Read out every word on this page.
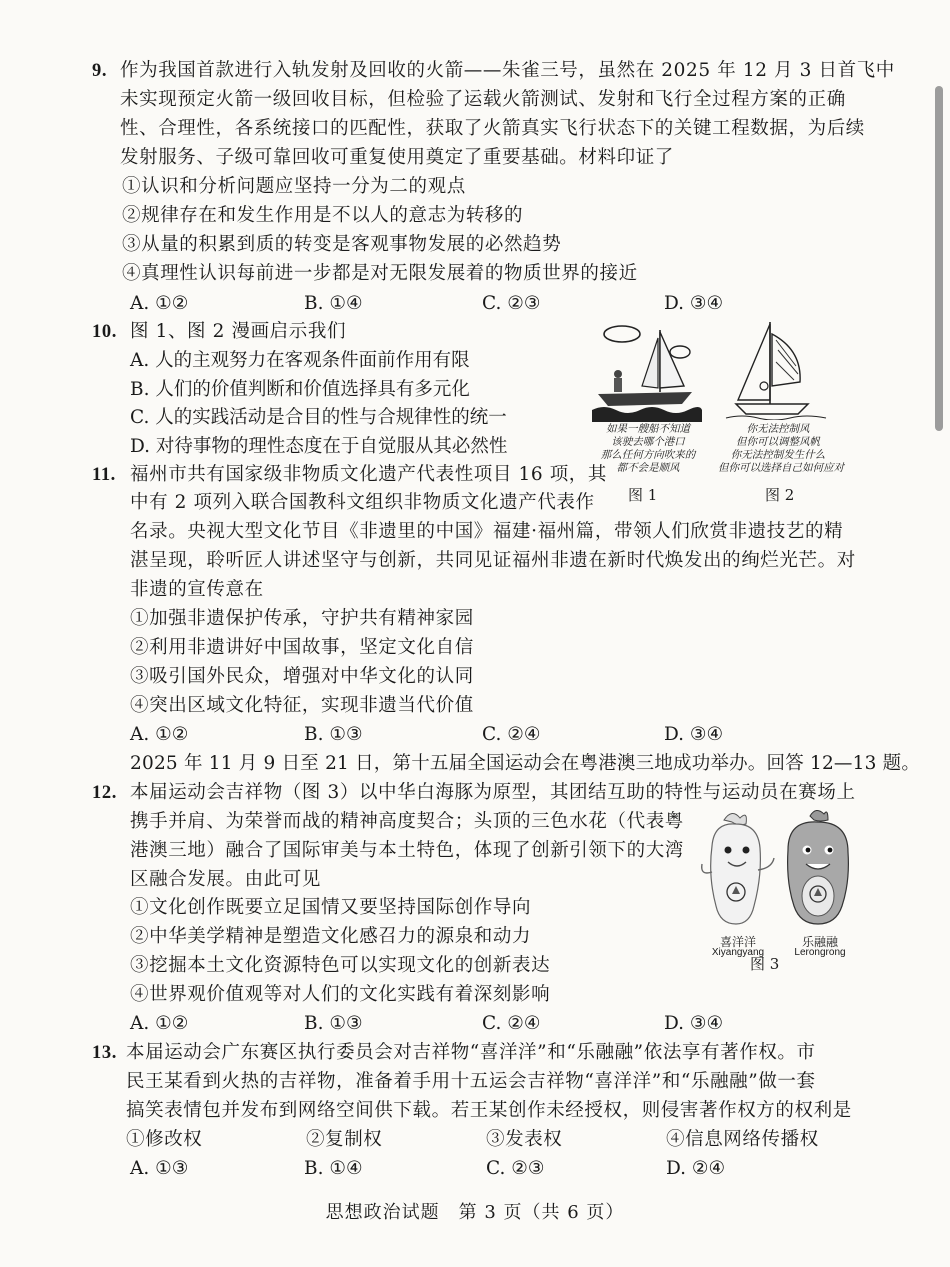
9. 作为我国首款进行入轨发射及回收的火箭——朱雀三号，虽然在 2025 年 12 月 3 日首飞中
未实现预定火箭一级回收目标，但检验了运载火箭测试、发射和飞行全过程方案的正确
性、合理性，各系统接口的匹配性，获取了火箭真实飞行状态下的关键工程数据，为后续
发射服务、子级可靠回收可重复使用奠定了重要基础。材料印证了
①认识和分析问题应坚持一分为二的观点
②规律存在和发生作用是不以人的意志为转移的
③从量的积累到质的转变是客观事物发展的必然趋势
④真理性认识每前进一步都是对无限发展着的物质世界的接近
A. ①②	B. ①④	C. ②③	D. ③④
10. 图 1、图 2 漫画启示我们
A. 人的主观努力在客观条件面前作用有限
B. 人们的价值判断和价值选择具有多元化
C. 人的实践活动是合目的性与合规律性的统一
D. 对待事物的理性态度在于自觉服从其必然性
如果一艘船不知道
该驶去哪个港口
那么任何方向吹来的
都不会是顺风
图 1
你无法控制风
但你可以调整风帆
你无法控制发生什么
但你可以选择自己如何应对
图 2
11. 福州市共有国家级非物质文化遗产代表性项目 16 项，其
中有 2 项列入联合国教科文组织非物质文化遗产代表作
名录。央视大型文化节目《非遗里的中国》福建·福州篇，带领人们欣赏非遗技艺的精
湛呈现，聆听匠人讲述坚守与创新，共同见证福州非遗在新时代焕发出的绚烂光芒。对
非遗的宣传意在
①加强非遗保护传承，守护共有精神家园
②利用非遗讲好中国故事，坚定文化自信
③吸引国外民众，增强对中华文化的认同
④突出区域文化特征，实现非遗当代价值
A. ①②	B. ①③	C. ②④	D. ③④
2025 年 11 月 9 日至 21 日，第十五届全国运动会在粤港澳三地成功举办。回答 12—13 题。
12. 本届运动会吉祥物（图 3）以中华白海豚为原型，其团结互助的特性与运动员在赛场上
携手并肩、为荣誉而战的精神高度契合；头顶的三色水花（代表粤
港澳三地）融合了国际审美与本土特色，体现了创新引领下的大湾
区融合发展。由此可见
①文化创作既要立足国情又要坚持国际创作导向
②中华美学精神是塑造文化感召力的源泉和动力
③挖掘本土文化资源特色可以实现文化的创新表达
④世界观价值观等对人们的文化实践有着深刻影响
A. ①②	B. ①③	C. ②④	D. ③④
喜洋洋
Xiyangyang
乐融融
Lerongrong
图 3
13. 本届运动会广东赛区执行委员会对吉祥物“喜洋洋”和“乐融融”依法享有著作权。市
民王某看到火热的吉祥物，准备着手用十五运会吉祥物“喜洋洋”和“乐融融”做一套
搞笑表情包并发布到网络空间供下载。若王某创作未经授权，则侵害著作权方的权利是
①修改权	②复制权	③发表权	④信息网络传播权
A. ①③	B. ①④	C. ②③	D. ②④
思想政治试题　第 3 页（共 6 页）
